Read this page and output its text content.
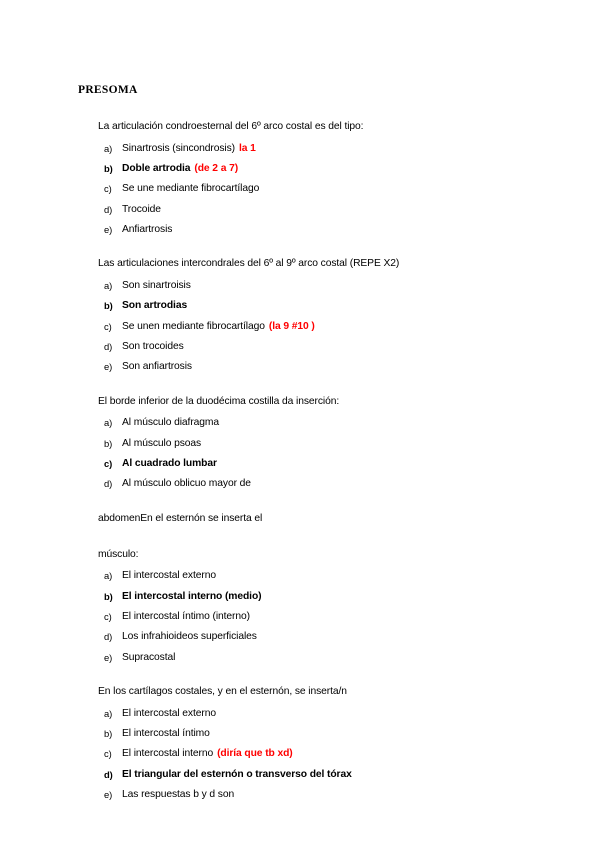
PRESOMA

La articulación condroesternal del 6º arco costal es del tipo:

a) Sinartrosis (sincondrosis) la 1
b) Doble artrodia (de 2 a 7)
c) Se une mediante fibrocartílago
d) Trocoide
e) Anfiartrosis

Las articulaciones intercondrales del 6º al 9º arco costal (REPE X2)

a) Son sinartroisis
b) Son artrodias
c) Se unen mediante fibrocartílago (la 9 #10 )
d) Son trocoides
e) Son anfiartrosis

El borde inferior de la duodécima costilla da inserción:

a) Al músculo diafragma
b) Al músculo psoas
c) Al cuadrado lumbar
d) Al músculo oblicuo mayor de

abdomenEn el esternón se inserta el

músculo:

a) El intercostal externo
b) El intercostal interno (medio)
c) El intercostal íntimo (interno)
d) Los infrahioideos superficiales
e) Supracostal

En los cartílagos costales, y en el esternón, se inserta/n

a) El intercostal externo
b) El intercostal íntimo
c) El intercostal interno (diría que tb xd)
d) El triangular del esternón o transverso del tórax
e) Las respuestas b y d son
